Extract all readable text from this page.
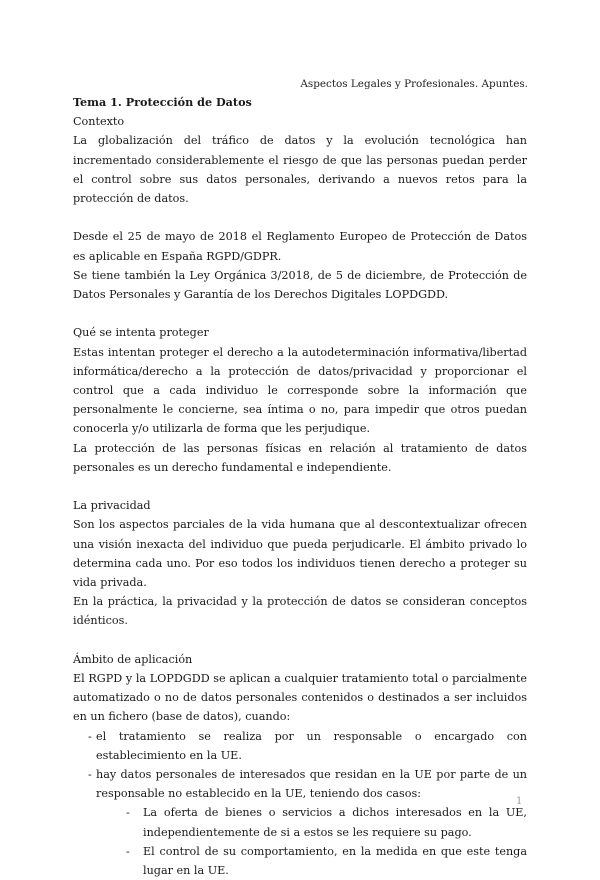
Aspectos Legales y Profesionales. Apuntes.

Tema 1. Protección de Datos

Contexto

La globalización del tráfico de datos y la evolución tecnológica han incrementado considerablemente el riesgo de que las personas puedan perder el control sobre sus datos personales, derivando a nuevos retos para la protección de datos.

Desde el 25 de mayo de 2018 el Reglamento Europeo de Protección de Datos es aplicable en España RGPD/GDPR.

Se tiene también la Ley Orgánica 3/2018, de 5 de diciembre, de Protección de Datos Personales y Garantía de los Derechos Digitales LOPDGDD.

Qué se intenta proteger

Estas intentan proteger el derecho a la autodeterminación informativa/libertad informática/derecho a la protección de datos/privacidad y proporcionar el control que a cada individuo le corresponde sobre la información que personalmente le concierne, sea íntima o no, para impedir que otros puedan conocerla y/o utilizarla de forma que les perjudique.

La protección de las personas físicas en relación al tratamiento de datos personales es un derecho fundamental e independiente.

La privacidad

Son los aspectos parciales de la vida humana que al descontextualizar ofrecen una visión inexacta del individuo que pueda perjudicarle. El ámbito privado lo determina cada uno. Por eso todos los individuos tienen derecho a proteger su vida privada.

En la práctica, la privacidad y la protección de datos se consideran conceptos idénticos.

Ámbito de aplicación

El RGPD y la LOPDGDD se aplican a cualquier tratamiento total o parcialmente automatizado o no de datos personales contenidos o destinados a ser incluidos en un fichero (base de datos), cuando:

- el tratamiento se realiza por un responsable o encargado con establecimiento en la UE.
- hay datos personales de interesados que residan en la UE por parte de un responsable no establecido en la UE, teniendo dos casos:
- La oferta de bienes o servicios a dichos interesados en la UE, independientemente de si a estos se les requiere su pago.
- El control de su comportamiento, en la medida en que este tenga lugar en la UE.
1
